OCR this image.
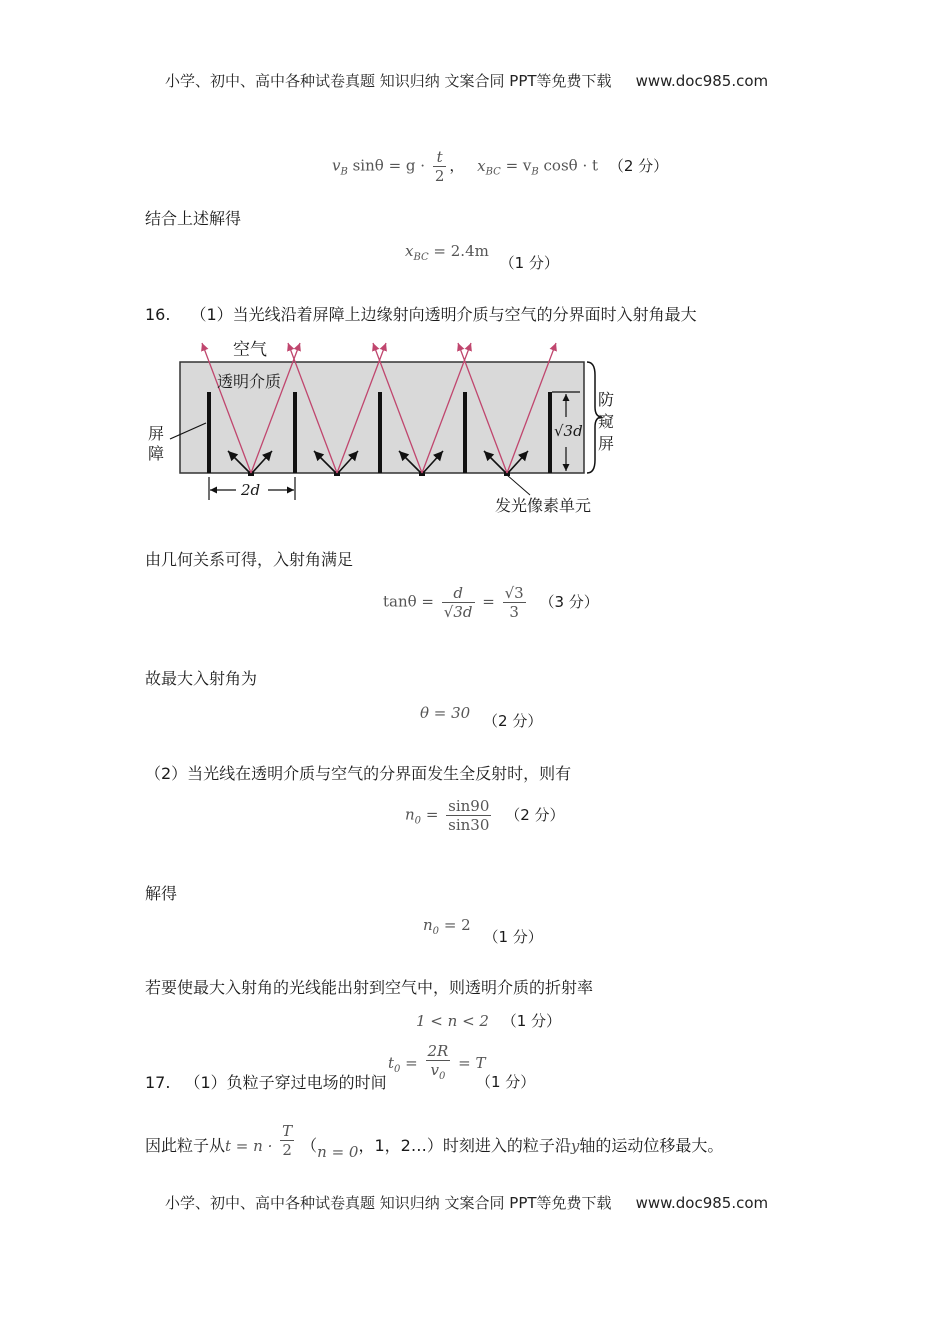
小学、初中、高中各种试卷真题 知识归纳 文案合同 PPT等免费下载 www.doc985.com
$v_B$ $\sin\theta = g \cdot \frac{t}{2}$ ， $x_{BC} = v_B$ cosθ · t （2 分）
结合上述解得
$x_{BC} = 2.4m$ （1 分）
16. （1）当光线沿着屏障上边缘射向透明介质与空气的分界面时入射角最大
空气
透明介质
屏
障
2d
√3d
防
窥
屏
发光像素单元
由几何关系可得，入射角满足
$\tan\theta = \frac{d}{√3d} = \frac{√3}{3} (3$ 分）
故最大入射角为
θ = 30 （2 分）
（2）当光线在透明介质与空气的分界面发生全反射时，则有
$n_0 = \frac{\sin 90}{\sin 30} (2$ 分）
解得
$n_0 = 2$ （1 分）
若要使最大入射角的光线能出射到空气中，则透明介质的折射率
1 < n < 2 （1 分）
17. （1）负粒子穿过电场的时间
$t_0 = \frac{2R}{v_0} = T$
（1 分）
因此粒子从$t = n \cdot \frac{T}{2} (n = 0$，1，2…）时刻进入的粒子沿y轴的运动位移最大。
小学、初中、高中各种试卷真题 知识归纳 文案合同 PPT等免费下载 www.doc985.com
